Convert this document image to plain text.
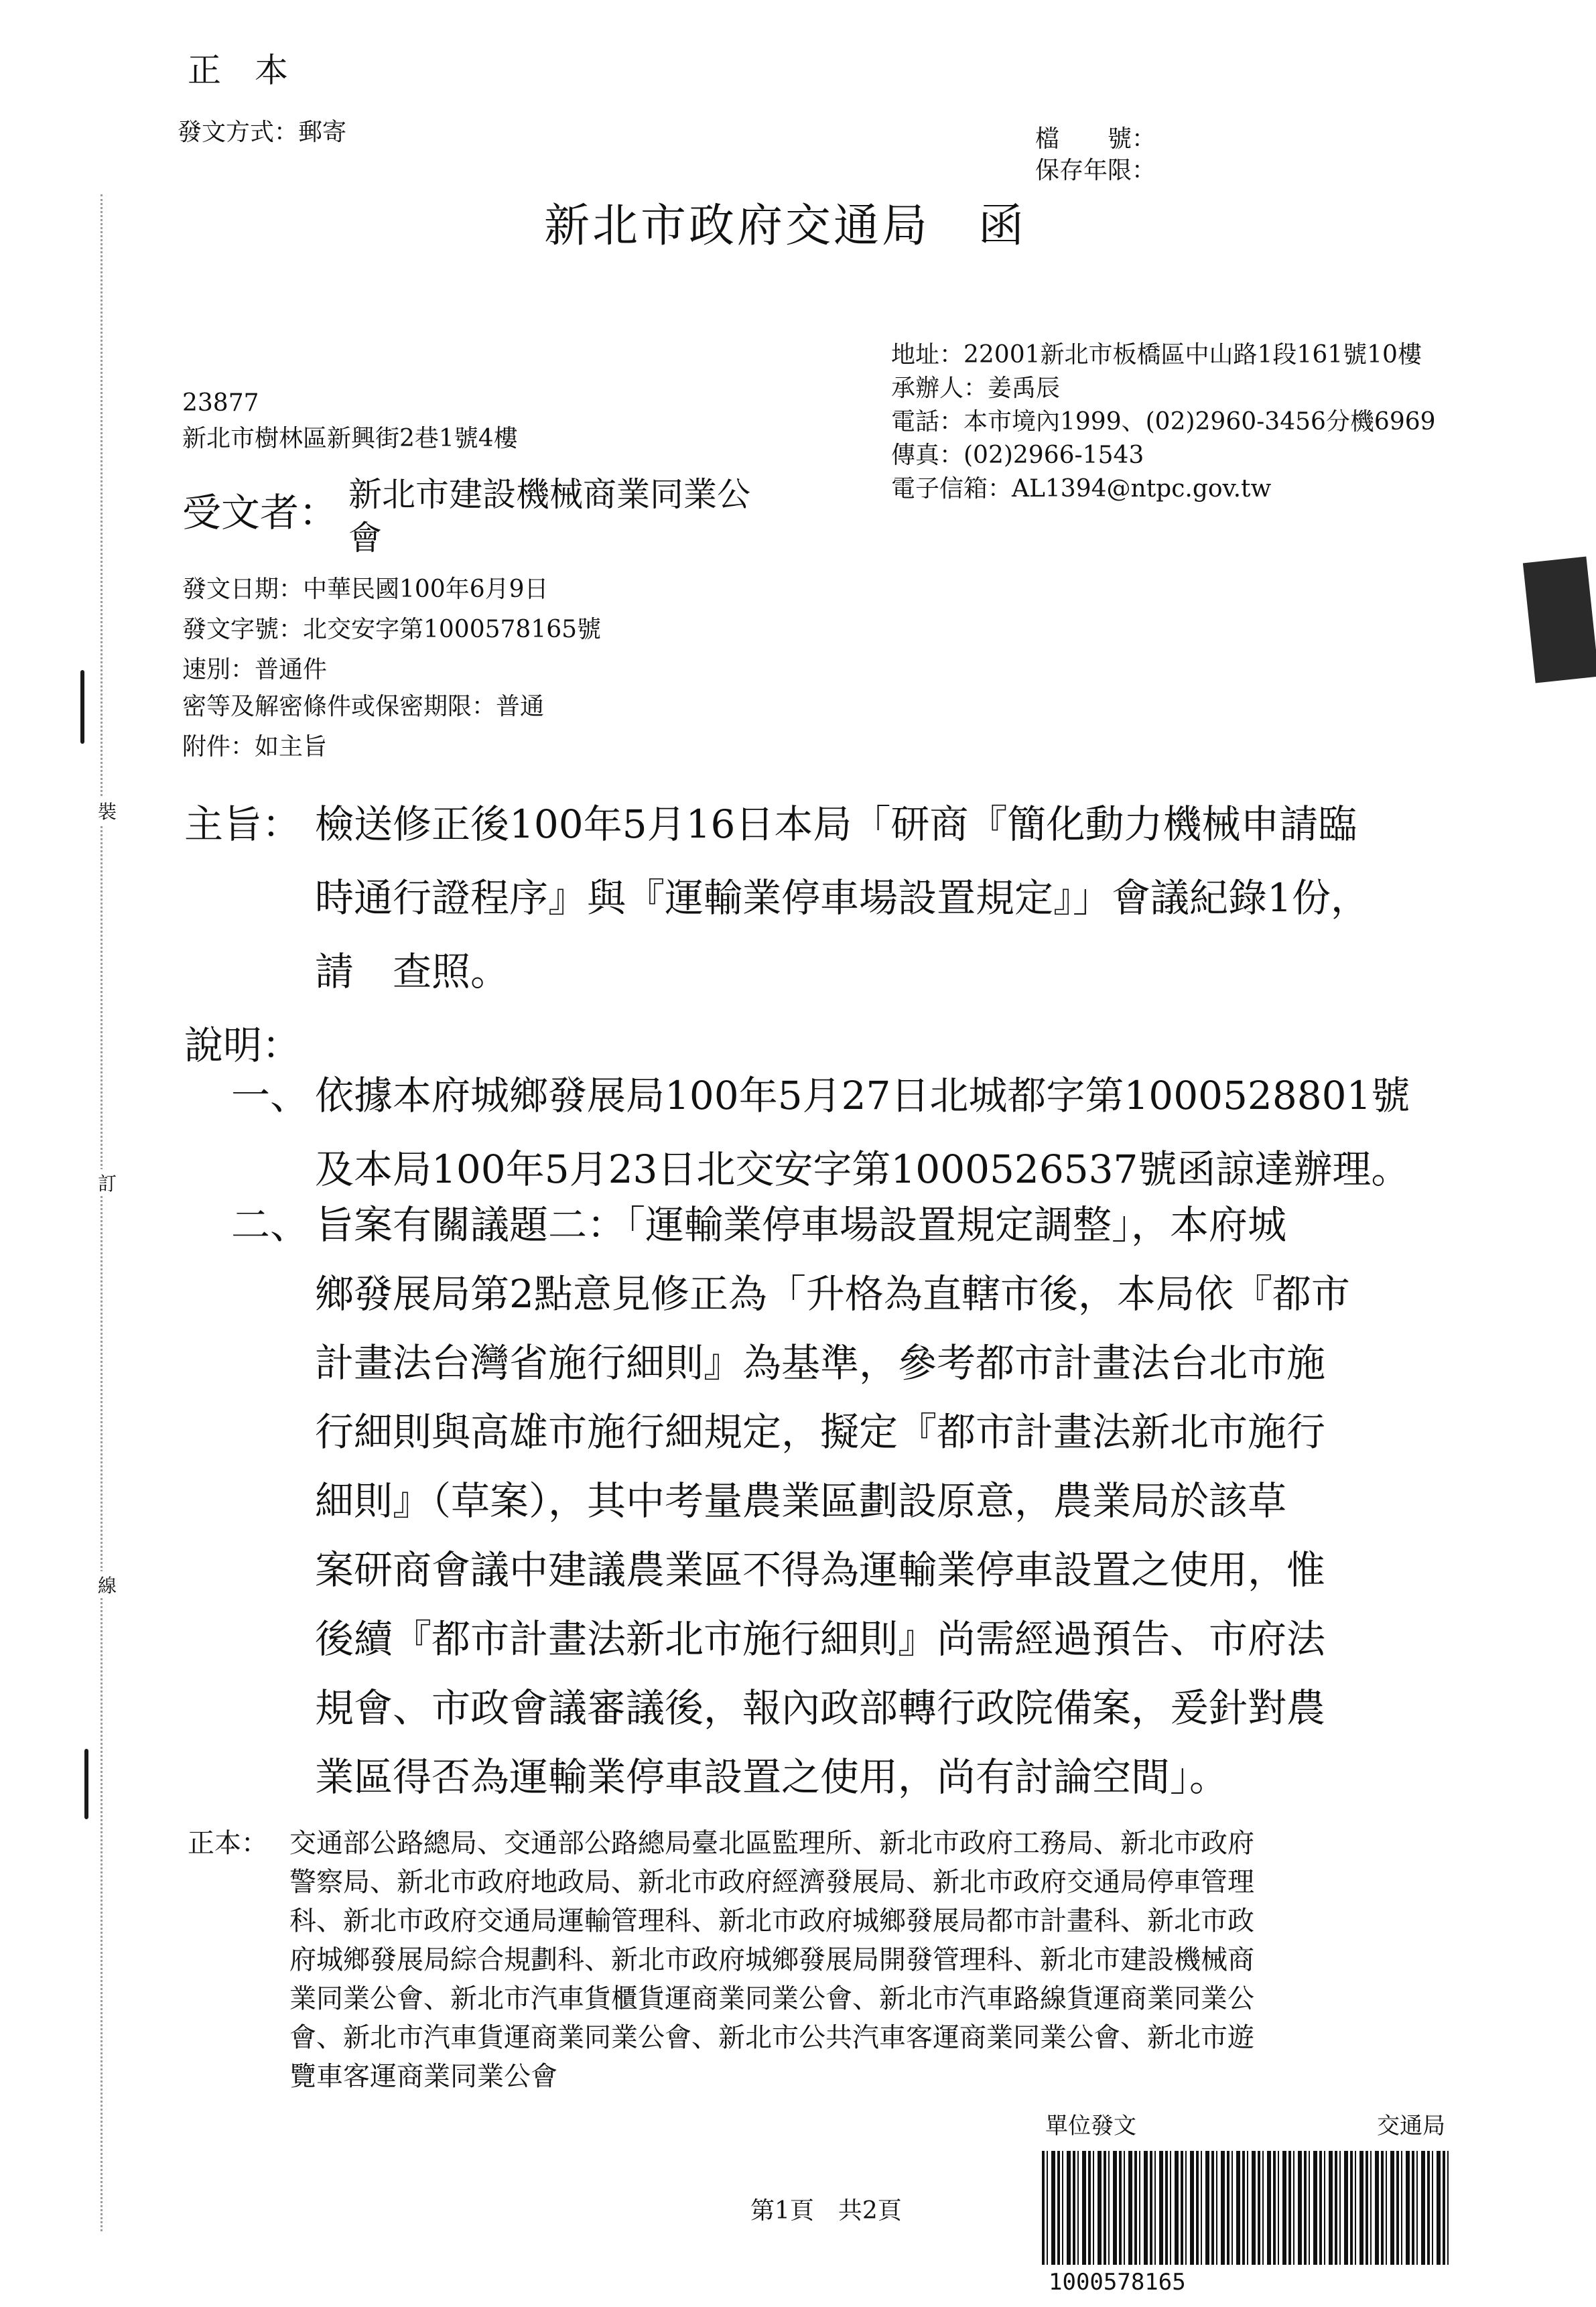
裝
訂
線
正　本
發文方式：郵寄	檔　　號：
保存年限：
新北市政府交通局　函
地址：22001新北市板橋區中山路1段161號10樓
承辦人：姜禹辰
電話：本市境內1999、(02)2960-3456分機6969
傳真：(02)2966-1543
電子信箱：AL1394@ntpc.gov.tw
23877
新北市樹林區新興街2巷1號4樓
受文者： 新北市建設機械商業同業公
會
發文日期：中華民國100年6月9日
發文字號：北交安字第1000578165號
速別：普通件
密等及解密條件或保密期限：普通
附件：如主旨
主旨： 檢送修正後100年5月16日本局「研商『簡化動力機械申請臨
時通行證程序』與『運輸業停車場設置規定』」會議紀錄1份，
請　查照。
說明：
一、 依據本府城鄉發展局100年5月27日北城都字第1000528801號
及本局100年5月23日北交安字第1000526537號函諒達辦理。
二、 旨案有關議題二：「運輸業停車場設置規定調整」，本府城
鄉發展局第2點意見修正為「升格為直轄市後，本局依『都市
計畫法台灣省施行細則』為基準，參考都市計畫法台北市施
行細則與高雄市施行細規定，擬定『都市計畫法新北市施行
細則』（草案），其中考量農業區劃設原意，農業局於該草
案研商會議中建議農業區不得為運輸業停車設置之使用，惟
後續『都市計畫法新北市施行細則』尚需經過預告、市府法
規會、市政會議審議後，報內政部轉行政院備案，爰針對農
業區得否為運輸業停車設置之使用，尚有討論空間」。
正本： 交通部公路總局、交通部公路總局臺北區監理所、新北市政府工務局、新北市政府
警察局、新北市政府地政局、新北市政府經濟發展局、新北市政府交通局停車管理
科、新北市政府交通局運輸管理科、新北市政府城鄉發展局都市計畫科、新北市政
府城鄉發展局綜合規劃科、新北市政府城鄉發展局開發管理科、新北市建設機械商
業同業公會、新北市汽車貨櫃貨運商業同業公會、新北市汽車路線貨運商業同業公
會、新北市汽車貨運商業同業公會、新北市公共汽車客運商業同業公會、新北市遊
覽車客運商業同業公會
第1頁　共2頁
單位發文	交通局
1000578165
